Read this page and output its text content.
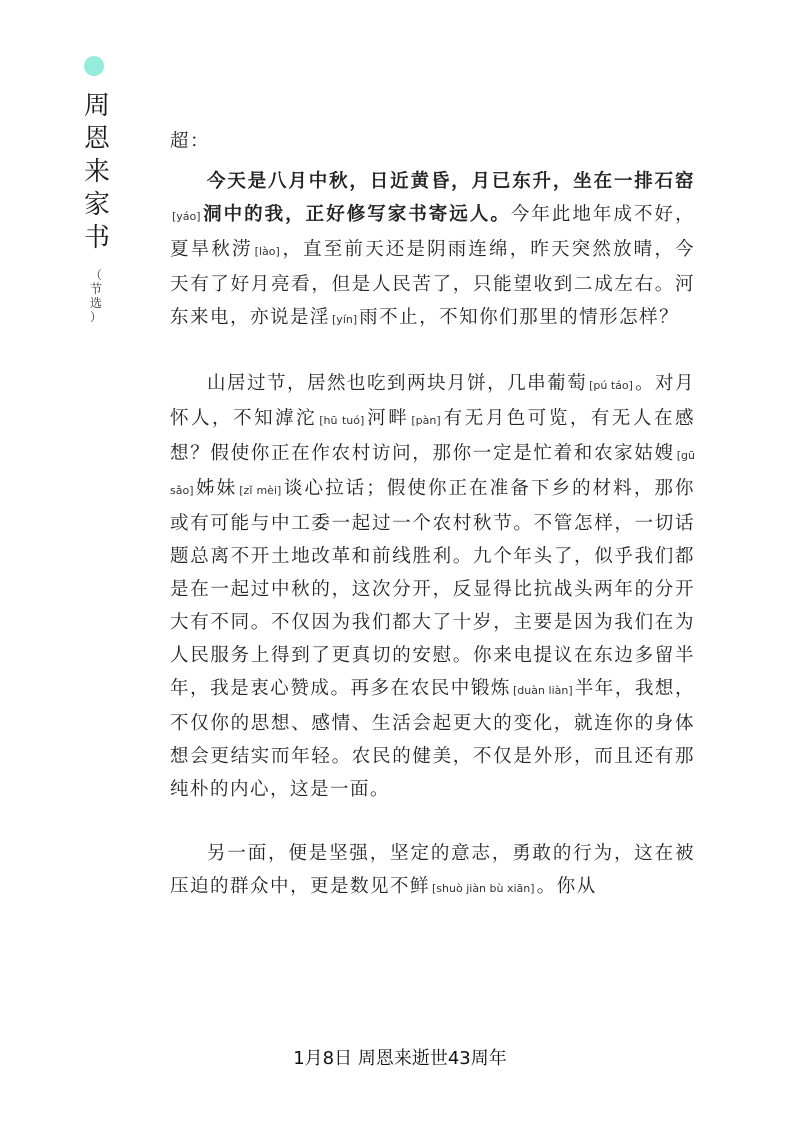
周
恩
来
家
书
（
节
选
）

超：

今天是八月中秋，日近黄昏，月已东升，坐在一排石窑[yáo] 洞中的我，正好修写家书寄远人。今年此地年成不好，夏旱秋涝 [lào] ，直至前天还是阴雨连绵，昨天突然放晴，今天有了好月亮看，但是人民苦了，只能望收到二成左右。河东来电，亦说是淫 [yín] 雨不止，不知你们那里的情形怎样？

山居过节，居然也吃到两块月饼，几串葡萄 [pú táo] 。对月怀人，不知滹沱 [hū tuó] 河畔 [pàn] 有无月色可览，有无人在感想？假使你正在作农村访问，那你一定是忙着和农家姑嫂 [gū sǎo] 姊妹 [zǐ mèi] 谈心拉话；假使你正在准备下乡的材料，那你或有可能与中工委一起过一个农村秋节。不管怎样，一切话题总离不开土地改革和前线胜利。九个年头了，似乎我们都是在一起过中秋的，这次分开，反显得比抗战头两年的分开大有不同。不仅因为我们都大了十岁，主要是因为我们在为人民服务上得到了更真切的安慰。你来电提议在东边多留半年，我是衷心赞成。再多在农民中锻炼 [duàn liàn] 半年，我想，不仅你的思想、感情、生活会起更大的变化，就连你的身体想会更结实而年轻。农民的健美，不仅是外形，而且还有那纯朴的内心，这是一面。

另一面，便是坚强，坚定的意志，勇敢的行为，这在被压迫的群众中，更是数见不鲜 [shuò jiàn bù xiān] 。你从

1月8日 周恩来逝世43周年
